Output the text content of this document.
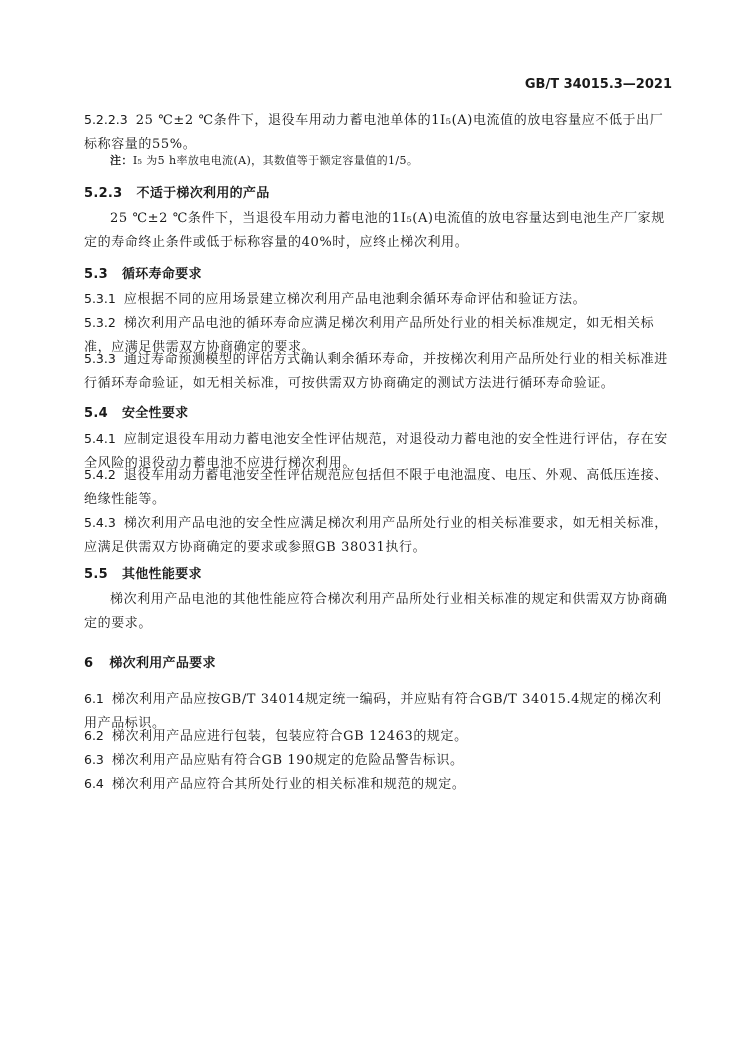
GB/T 34015.3—2021
5.2.2.3 25 ℃±2 ℃条件下，退役车用动力蓄电池单体的1I₅(A)电流值的放电容量应不低于出厂标称容量的55%。
注：I₅ 为5 h率放电电流(A)，其数值等于额定容量值的1/5。
5.2.3 不适于梯次利用的产品
25 ℃±2 ℃条件下，当退役车用动力蓄电池的1I₅(A)电流值的放电容量达到电池生产厂家规定的寿命终止条件或低于标称容量的40%时，应终止梯次利用。
5.3 循环寿命要求
5.3.1 应根据不同的应用场景建立梯次利用产品电池剩余循环寿命评估和验证方法。
5.3.2 梯次利用产品电池的循环寿命应满足梯次利用产品所处行业的相关标准规定，如无相关标准，应满足供需双方协商确定的要求。
5.3.3 通过寿命预测模型的评估方式确认剩余循环寿命，并按梯次利用产品所处行业的相关标准进行循环寿命验证，如无相关标准，可按供需双方协商确定的测试方法进行循环寿命验证。
5.4 安全性要求
5.4.1 应制定退役车用动力蓄电池安全性评估规范，对退役动力蓄电池的安全性进行评估，存在安全风险的退役动力蓄电池不应进行梯次利用。
5.4.2 退役车用动力蓄电池安全性评估规范应包括但不限于电池温度、电压、外观、高低压连接、绝缘性能等。
5.4.3 梯次利用产品电池的安全性应满足梯次利用产品所处行业的相关标准要求，如无相关标准，应满足供需双方协商确定的要求或参照GB 38031执行。
5.5 其他性能要求
梯次利用产品电池的其他性能应符合梯次利用产品所处行业相关标准的规定和供需双方协商确定的要求。
6 梯次利用产品要求
6.1 梯次利用产品应按GB/T 34014规定统一编码，并应贴有符合GB/T 34015.4规定的梯次利用产品标识。
6.2 梯次利用产品应进行包装，包装应符合GB 12463的规定。
6.3 梯次利用产品应贴有符合GB 190规定的危险品警告标识。
6.4 梯次利用产品应符合其所处行业的相关标准和规范的规定。
